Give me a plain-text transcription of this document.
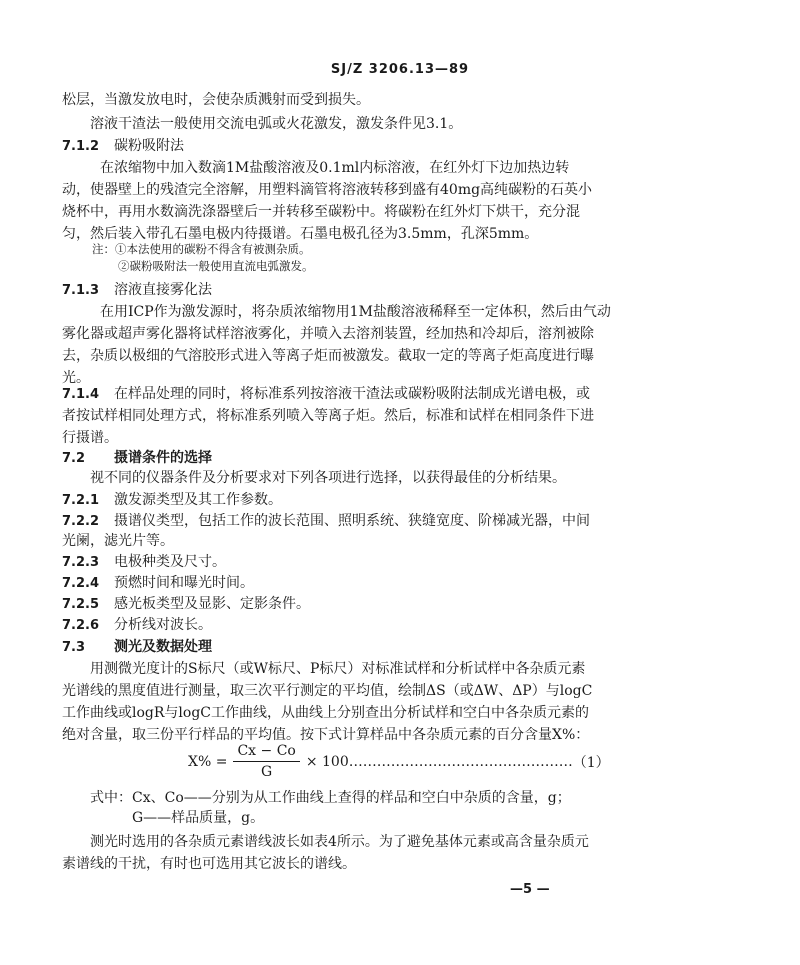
SJ/Z 3206.13—89
松层，当激发放电时，会使杂质溅射而受到损失。
溶液干渣法一般使用交流电弧或火花激发，激发条件见3.1。
7.1.2 碳粉吸附法
在浓缩物中加入数滴1M盐酸溶液及0.1ml内标溶液，在红外灯下边加热边转
动，使器壁上的残渣完全溶解，用塑料滴管将溶液转移到盛有40mg高纯碳粉的石英小
烧杯中，再用水数滴洗涤器壁后一并转移至碳粉中。将碳粉在红外灯下烘干，充分混
匀，然后装入带孔石墨电极内待摄谱。石墨电极孔径为3.5mm，孔深5mm。
注：①本法使用的碳粉不得含有被测杂质。
②碳粉吸附法一般使用直流电弧激发。
7.1.3 溶液直接雾化法
在用ICP作为激发源时，将杂质浓缩物用1M盐酸溶液稀释至一定体积，然后由气动
雾化器或超声雾化器将试样溶液雾化，并喷入去溶剂装置，经加热和冷却后，溶剂被除
去，杂质以极细的气溶胶形式进入等离子炬而被激发。截取一定的等离子炬高度进行曝
光。
7.1.4 在样品处理的同时，将标准系列按溶液干渣法或碳粉吸附法制成光谱电极，或
者按试样相同处理方式，将标准系列喷入等离子炬。然后，标准和试样在相同条件下进
行摄谱。
7.2 摄谱条件的选择
视不同的仪器条件及分析要求对下列各项进行选择，以获得最佳的分析结果。
7.2.1 激发源类型及其工作参数。
7.2.2 摄谱仪类型，包括工作的波长范围、照明系统、狭缝宽度、阶梯减光器，中间
光阑，滤光片等。
7.2.3 电极种类及尺寸。
7.2.4 预燃时间和曝光时间。
7.2.5 感光板类型及显影、定影条件。
7.2.6 分析线对波长。
7.3 测光及数据处理
用测微光度计的S标尺（或W标尺、P标尺）对标准试样和分析试样中各杂质元素
光谱线的黑度值进行测量，取三次平行测定的平均值，绘制ΔS（或ΔW、ΔP）与logC
工作曲线或logR与logC工作曲线，从曲线上分别查出分析试样和空白中各杂质元素的
绝对含量，取三份平行样品的平均值。按下式计算样品中各杂质元素的百分含量X%：
$X\% = \frac{Cx - Co}{G} \times 100$ ………………………………………… （1）
式中：Cx、Co——分别为从工作曲线上查得的样品和空白中杂质的含量，g；
G——样品质量，g。
测光时选用的各杂质元素谱线波长如表4所示。为了避免基体元素或高含量杂质元
素谱线的干扰，有时也可选用其它波长的谱线。
—5 —
